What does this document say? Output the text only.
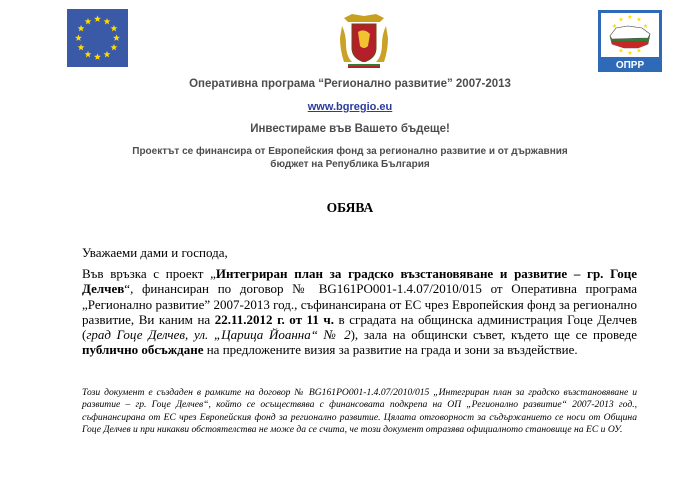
ОПРР
Оперативна програма “Регионално развитие” 2007-2013
www.bgregio.eu
Инвестираме във Вашето бъдеще!
Проектът се финансира от Европейския фонд за регионално развитие и от държавния
бюджет на Република България
ОБЯВА
Уважаеми дами и господа,
Във връзка с проект „Интегриран план за градско възстановяване и развитие – гр. Гоце Делчев“, финансиран по договор № BG161PO001-1.4.07/2010/015 от Оперативна програма „Регионално развитие” 2007-2013 год., съфинансирана от ЕС чрез Европейския фонд за регионално развитие, Ви каним на 22.11.2012 г. от 11 ч. в сградата на общинска администрация Гоце Делчев (град Гоце Делчев, ул. „Царица Йоанна“ № 2), зала на общински съвет, където ще се проведе публично обсъждане на предложените визия за развитие на града и зони за въздействие.
Този документ е създаден в рамките на договор № BG161PO001-1.4.07/2010/015 „Интегриран план за градско възстановяване и развитие – гр. Гоце Делчев“, който се осъществява с финансовата подкрепа на ОП „Регионално развитие“ 2007-2013 год., съфинансирана от ЕС чрез Европейския фонд за регионално развитие. Цялата отговорност за съдържанието се носи от Община Гоце Делчев и при никакви обстоятелства не може да се счита, че този документ отразява официалното становище на ЕС и ОУ.
